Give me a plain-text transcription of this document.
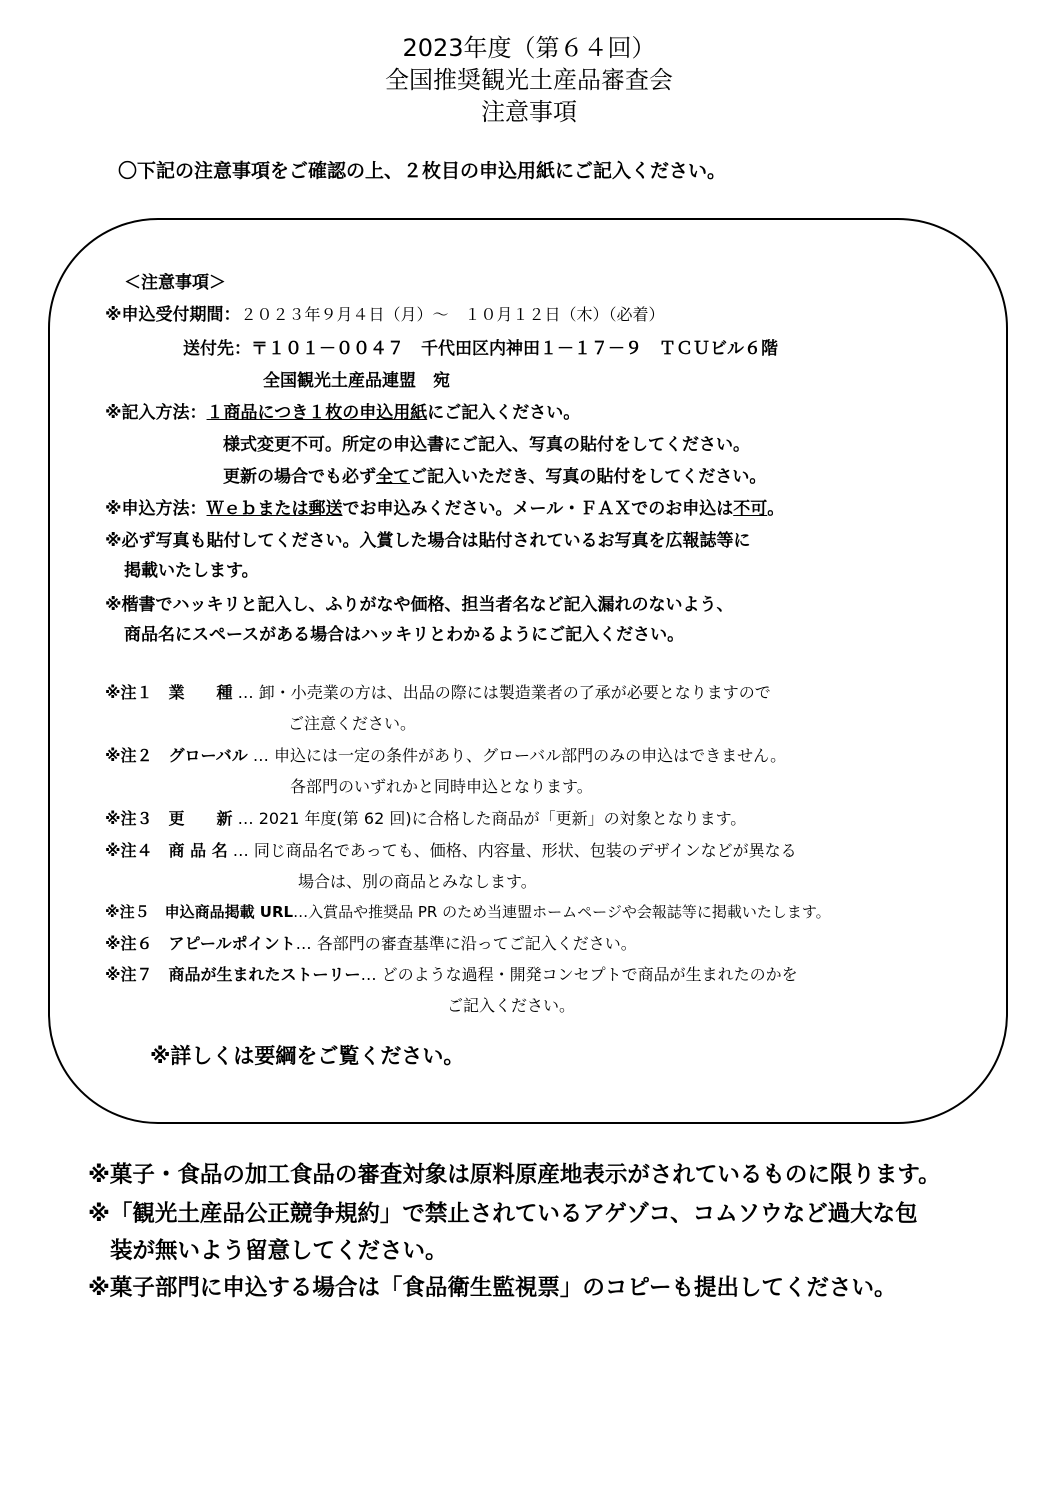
2023年度（第６４回）
全国推奨観光土産品審査会
注意事項
〇下記の注意事項をご確認の上、２枚目の申込用紙にご記入ください。
＜注意事項＞
※申込受付期間：２０２３年９月４日（月）～　１０月１２日（木）（必着）
送付先：〒１０１－００４７　千代田区内神田１－１７－９　ＴＣＵビル６階
全国観光土産品連盟　宛
※記入方法：１商品につき１枚の申込用紙にご記入ください。
様式変更不可。所定の申込書にご記入、写真の貼付をしてください。
更新の場合でも必ず全てご記入いただき、写真の貼付をしてください。
※申込方法：Ｗｅｂまたは郵送でお申込みください。メール・ＦＡＸでのお申込は不可。
※必ず写真も貼付してください。入賞した場合は貼付されているお写真を広報誌等に
掲載いたします。
※楷書でハッキリと記入し、ふりがなや価格、担当者名など記入漏れのないよう、
商品名にスペースがある場合はハッキリとわかるようにご記入ください。
※注１　業　　種 … 卸・小売業の方は、出品の際には製造業者の了承が必要となりますので
ご注意ください。
※注２　グローバル … 申込には一定の条件があり、グローバル部門のみの申込はできません。
各部門のいずれかと同時申込となります。
※注３　更　　新 … 2021 年度(第 62 回)に合格した商品が「更新」の対象となります。
※注４　商 品 名 … 同じ商品名であっても、価格、内容量、形状、包装のデザインなどが異なる
場合は、別の商品とみなします。
※注５　申込商品掲載 URL…入賞品や推奨品 PR のため当連盟ホームページや会報誌等に掲載いたします。
※注６　アピールポイント… 各部門の審査基準に沿ってご記入ください。
※注７　商品が生まれたストーリー… どのような過程・開発コンセプトで商品が生まれたのかを
ご記入ください。
※詳しくは要綱をご覧ください。
※菓子・食品の加工食品の審査対象は原料原産地表示がされているものに限ります。
※「観光土産品公正競争規約」で禁止されているアゲゾコ、コムソウなど過大な包
装が無いよう留意してください。
※菓子部門に申込する場合は「食品衛生監視票」のコピーも提出してください。
